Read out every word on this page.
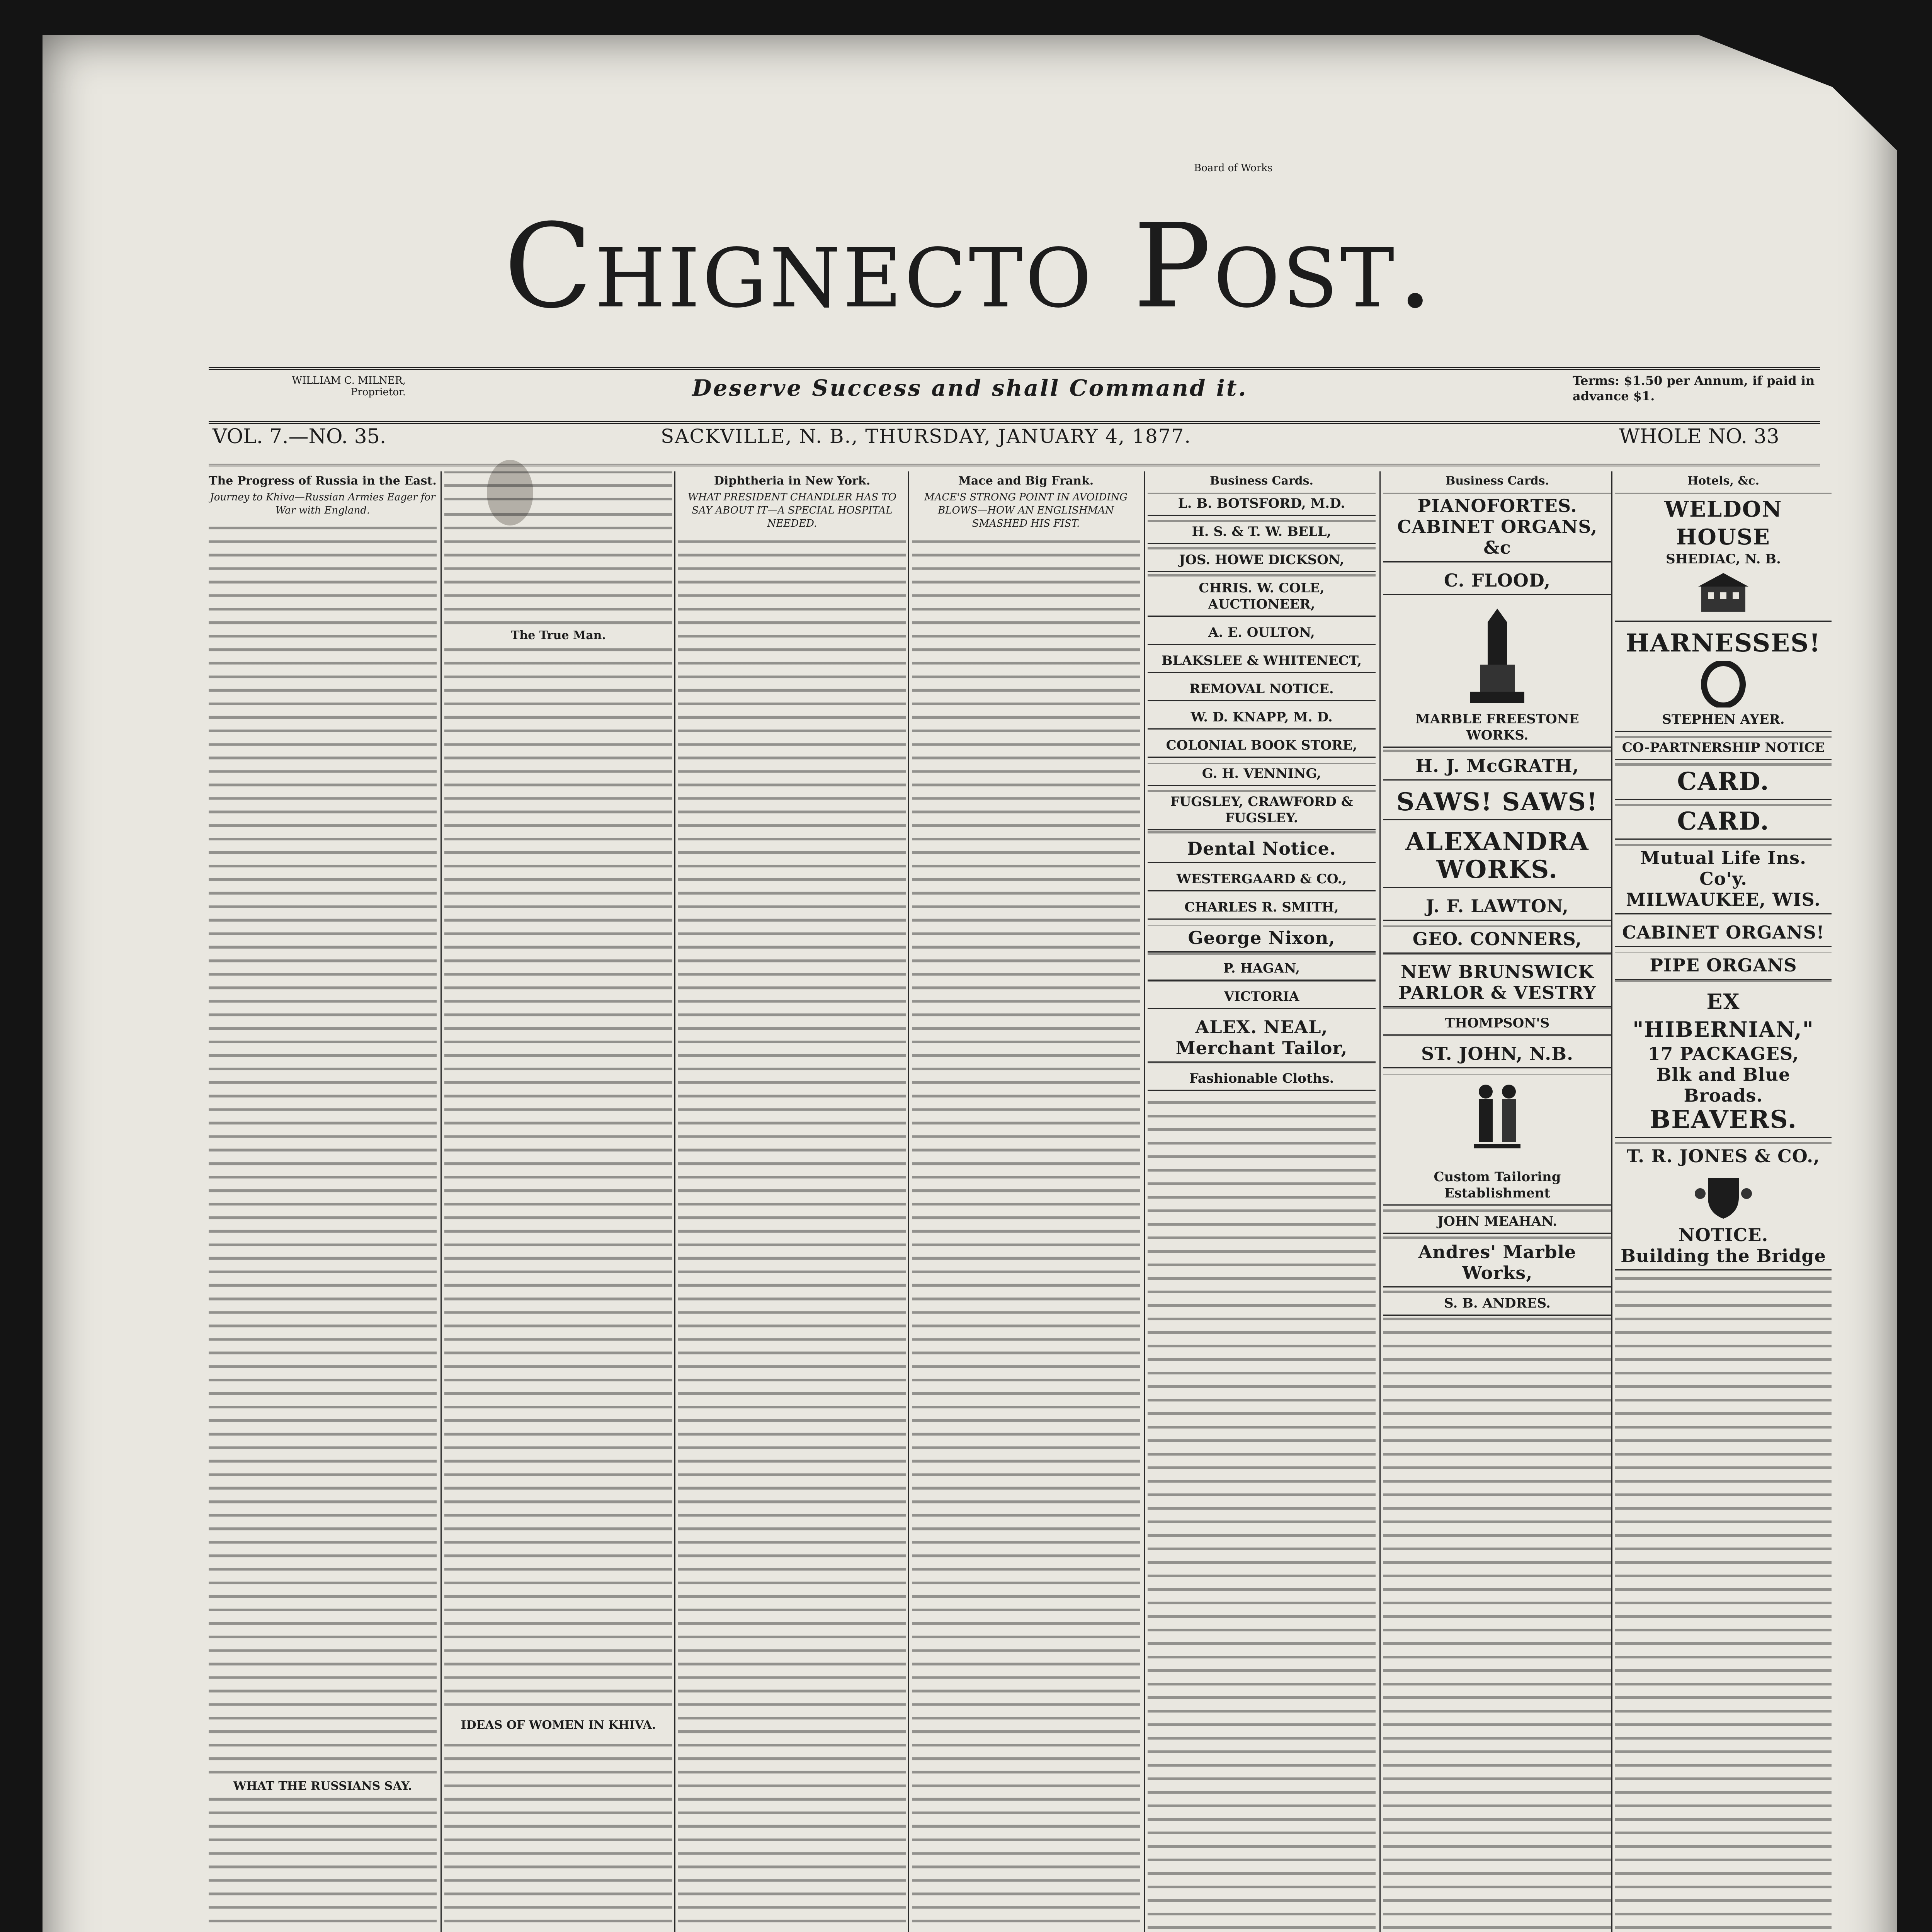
Board of Works
Chignecto Post.
WILLIAM C. MILNER,
Proprietor.	Deserve Success and shall Command it.	Terms: $1.50 per Annum, if paid in advance $1.
VOL. 7.—NO. 35.	SACKVILLE, N. B., THURSDAY, JANUARY 4, 1877.	WHOLE NO. 33
The Progress of Russia in the East.
Journey to Khiva—Russian Armies Eager for War with England.
WHAT THE RUSSIANS SAY.
The True Man.
IDEAS OF WOMEN IN KHIVA.
Diphtheria in New York.
WHAT PRESIDENT CHANDLER HAS TO SAY ABOUT IT—A SPECIAL HOSPITAL NEEDED.
Mace and Big Frank.
MACE'S STRONG POINT IN AVOIDING BLOWS—HOW AN ENGLISHMAN SMASHED HIS FIST.
Business Cards.
L. B. BOTSFORD, M.D.
H. S. & T. W. BELL,
JOS. HOWE DICKSON,
CHRIS. W. COLE, AUCTIONEER,
A. E. OULTON,
BLAKSLEE & WHITENECT,
REMOVAL NOTICE.
W. D. KNAPP, M. D.
COLONIAL BOOK STORE,
G. H. VENNING,
FUGSLEY, CRAWFORD & FUGSLEY.
Dental Notice.
WESTERGAARD & CO.,
CHARLES R. SMITH,
George Nixon,
P. HAGAN,
VICTORIA
ALEX. NEAL, Merchant Tailor,
Fashionable Cloths.
Business Cards.
PIANOFORTES. CABINET ORGANS, &c
C. FLOOD,
MARBLE FREESTONE WORKS.
H. J. McGRATH,
SAWS! SAWS!
ALEXANDRA WORKS.
J. F. LAWTON,
GEO. CONNERS,
NEW BRUNSWICK PARLOR & VESTRY
THOMPSON'S
ST. JOHN, N.B.
Custom Tailoring Establishment
JOHN MEAHAN.
Andres' Marble Works,
S. B. ANDRES.
Hotels, &c.
WELDON HOUSE
SHEDIAC, N. B.
HARNESSES!
STEPHEN AYER.
CO-PARTNERSHIP NOTICE
CARD.
CARD.
Mutual Life Ins. Co'y.
MILWAUKEE, WIS.
CABINET ORGANS!
PIPE ORGANS
EX "HIBERNIAN,"
17 PACKAGES,
Blk and Blue Broads.
BEAVERS.
T. R. JONES & CO.,
NOTICE.
Building the Bridge
